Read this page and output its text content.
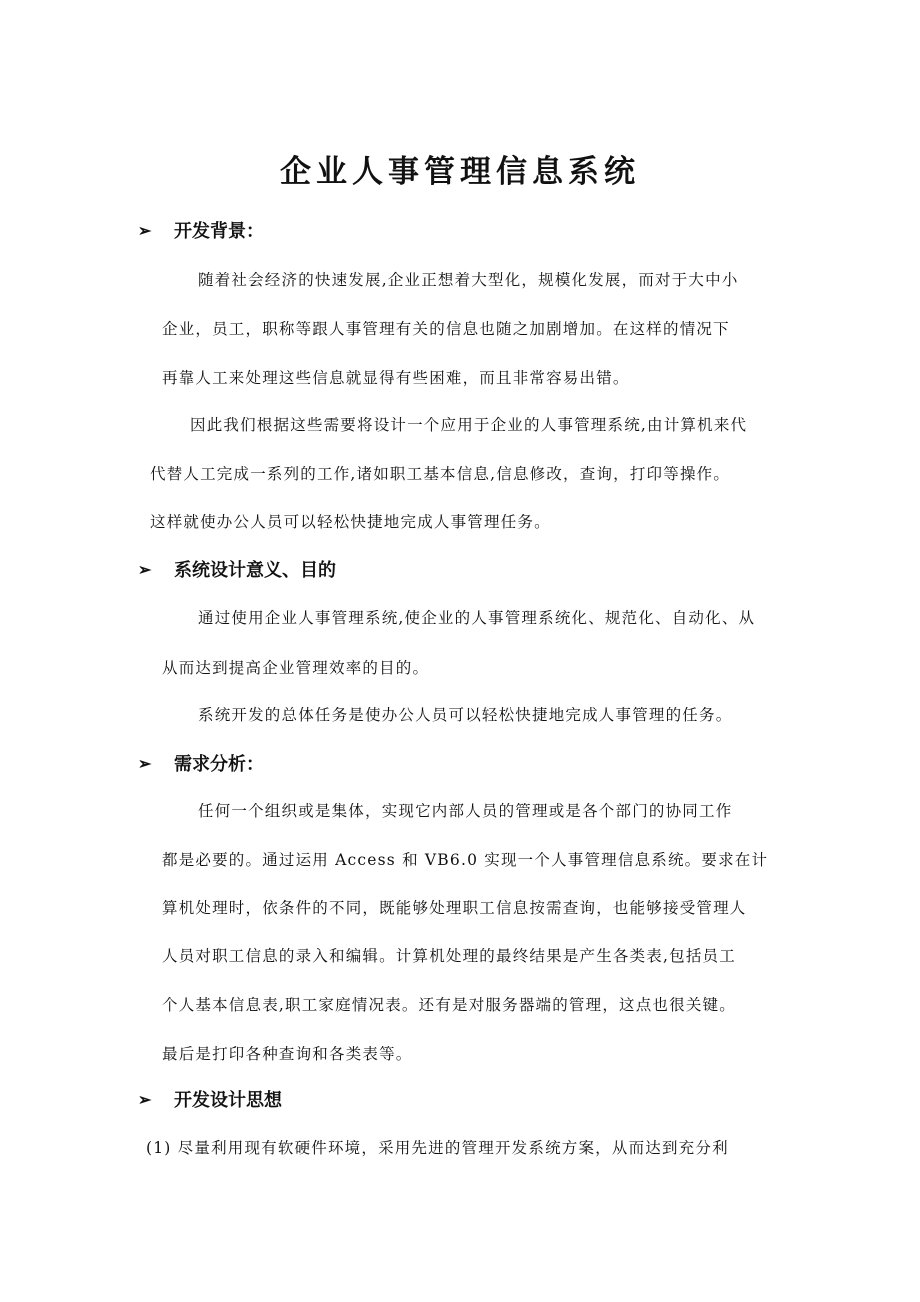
企业人事管理信息系统
➢	开发背景：
随着社会经济的快速发展,企业正想着大型化，规模化发展，而对于大中小
企业，员工，职称等跟人事管理有关的信息也随之加剧增加。在这样的情况下
再靠人工来处理这些信息就显得有些困难，而且非常容易出错。
因此我们根据这些需要将设计一个应用于企业的人事管理系统,由计算机来代
代替人工完成一系列的工作,诸如职工基本信息,信息修改，查询，打印等操作。
这样就使办公人员可以轻松快捷地完成人事管理任务。
➢	系统设计意义、目的
通过使用企业人事管理系统,使企业的人事管理系统化、规范化、自动化、从
从而达到提高企业管理效率的目的。
系统开发的总体任务是使办公人员可以轻松快捷地完成人事管理的任务。
➢	需求分析：
任何一个组织或是集体，实现它内部人员的管理或是各个部门的协同工作
都是必要的。通过运用 Access 和 VB6.0 实现一个人事管理信息系统。要求在计
算机处理时，依条件的不同，既能够处理职工信息按需查询，也能够接受管理人
人员对职工信息的录入和编辑。计算机处理的最终结果是产生各类表,包括员工
个人基本信息表,职工家庭情况表。还有是对服务器端的管理，这点也很关键。
最后是打印各种查询和各类表等。
➢	开发设计思想
(1) 尽量利用现有软硬件环境，采用先进的管理开发系统方案，从而达到充分利
